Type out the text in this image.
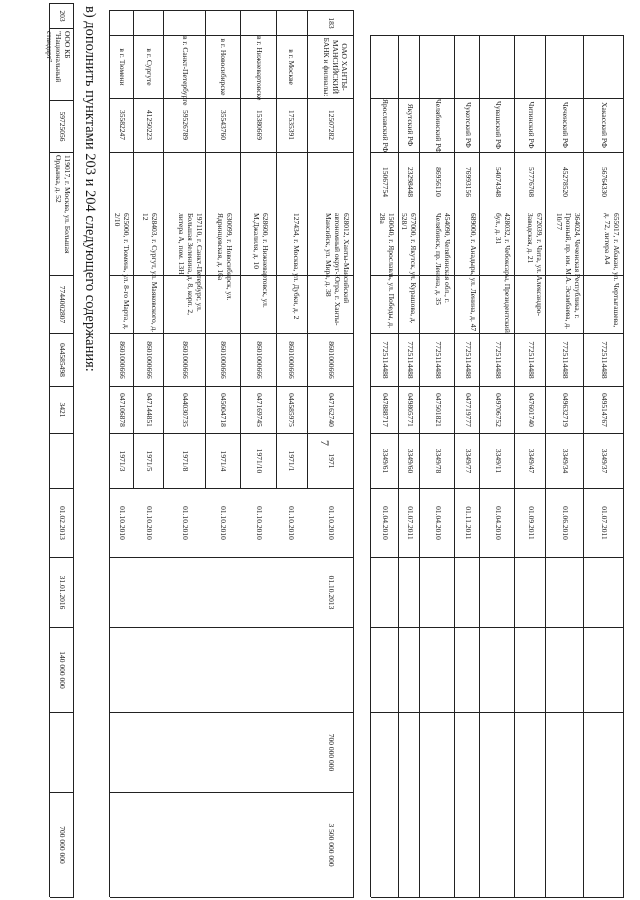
7
Хакасский РФ
56764330
655017, г. Абакан, ул. Чертыгашева, д. 72, литера А4
7725114488
049514767
3349/37
01.07.2011
Чеченский РФ
45278520
364024, Чеченская Республика, г. Грозный, пр. им. М.А. Эсамбаева, д. 10/77
7725114488
049632719
3349/34
01.06.2010
Читинский РФ
57776708
672039, г. Чита, ул. Александро-Заводская, д. 21
7725114488
047601740
3349/47
01.09.2011
Чувашский РФ
54074348
428032, г. Чебоксары, Президентский бул., д. 31
7725114488
049706752
3349/11
01.04.2010
Чукотский РФ
76993156
689000, г. Анадырь, ул. Ленина, д. 47
7725114488
047719777
3349/77
01.11.2011
Челябинский РФ
86956110
454090, Челябинская обл., г. Челябинск, пр. Ленина, д. 35
7725114488
047501821
3349/78
01.04.2010
Якутский РФ
23298448
677000, г. Якутск, ул. Курашова, д. 528/1
7725114488
049805771
3349/60
01.07.2011
Ярославский РФ
15067754
150040, г. Ярославль, ул. Победы, д. 28а
7725114488
047888717
3349/61
01.04.2010
183
ОАО ХАНТЫ-МАНСИЙСКИЙ БАНК и филиалы:
12507282
628012, Ханты-Мансийский автономный округ-Югра, г. Ханты-Мансийск, ул. Мира, д. 38
8601000666
047162740
1971
01.10.2010
01.10.2013
700 000 000
3 500 000 000
в г. Москве
17535391
127434, г. Москва, ул. Дубки, д. 2
8601000666
044585975
1971/1
01.10.2010
в г. Нижневартовске
15380669
628600, г. Нижневартовск, ул. М.Джалиля, д. 10
8601000666
047169745
1971/10
01.10.2010
в г. Новосибирске
35543760
630099, г. Новосибирск, ул. Ядринцевская, д. 16а
8601000666
045004718
1971/4
01.10.2010
в г. Санкт-Петербурге
59526789
197110, г. Санкт-Петербург, ул. Большая Зеленина, д. 8, корп. 2, литера А, пом. 13Н
8601000666
044030735
1971/8
01.10.2010
в г. Сургуте
41250223
628403, г. Сургут, ул. Маяковского, д. 12
8601000666
047144851
1971/5
01.10.2010
в г. Тюмени
35582247
625000, г. Тюмень, ул. 8-го Марта, д. 2/10
8601000666
047106878
1971/3
01.10.2010
в) дополнить пунктами 203 и 204 следующего содержания:
203
ООО КБ "Национальный стандарт"
59725056
119017, г. Москва, ул. Большая Ордынка, д. 52
7744002807
044585498
3421
01.02.2013
31.01.2016
140 000 000
700 000 000
